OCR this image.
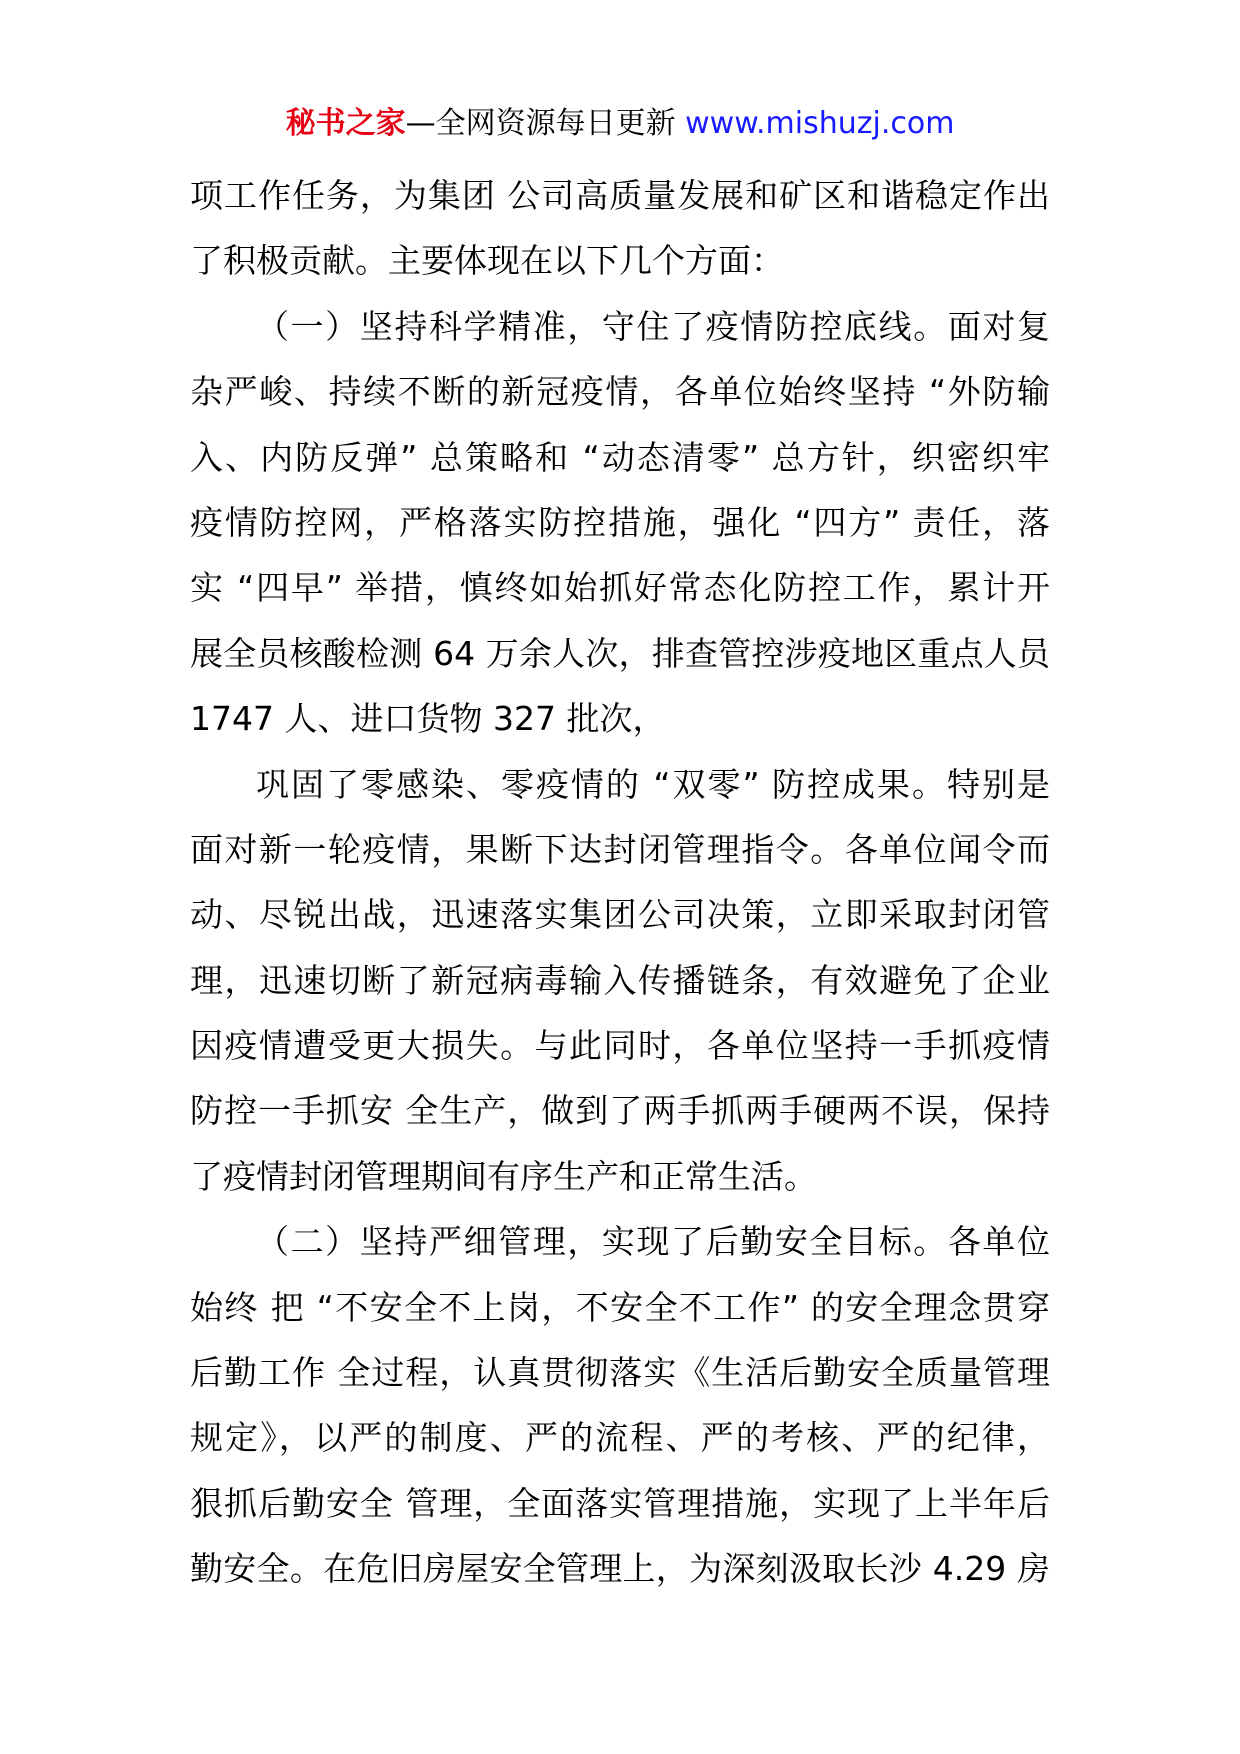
秘书之家—全网资源每日更新 www.mishuzj.com
项工作任务，为集团 公司高质量发展和矿区和谐稳定作出
了积极贡献。主要体现在以下几个方面：
（一）坚持科学精准，守住了疫情防控底线。面对复
杂严峻、持续不断的新冠疫情，各单位始终坚持 “外防输
入、内防反弹” 总策略和 “动态清零” 总方针，织密织牢
疫情防控网，严格落实防控措施，强化 “四方” 责任，落
实 “四早” 举措，慎终如始抓好常态化防控工作，累计开
展全员核酸检测 64 万余人次，排查管控涉疫地区重点人员
1747 人、进口货物 327 批次，
巩固了零感染、零疫情的 “双零” 防控成果。特别是
面对新一轮疫情，果断下达封闭管理指令。各单位闻令而
动、尽锐出战，迅速落实集团公司决策，立即采取封闭管
理，迅速切断了新冠病毒输入传播链条，有效避免了企业
因疫情遭受更大损失。与此同时，各单位坚持一手抓疫情
防控一手抓安 全生产，做到了两手抓两手硬两不误，保持
了疫情封闭管理期间有序生产和正常生活。
（二）坚持严细管理，实现了后勤安全目标。各单位
始终 把 “不安全不上岗，不安全不工作” 的安全理念贯穿
后勤工作 全过程，认真贯彻落实《生活后勤安全质量管理
规定》，以严的制度、严的流程、严的考核、严的纪律，
狠抓后勤安全 管理，全面落实管理措施，实现了上半年后
勤安全。在危旧房屋安全管理上，为深刻汲取长沙 4.29 房
